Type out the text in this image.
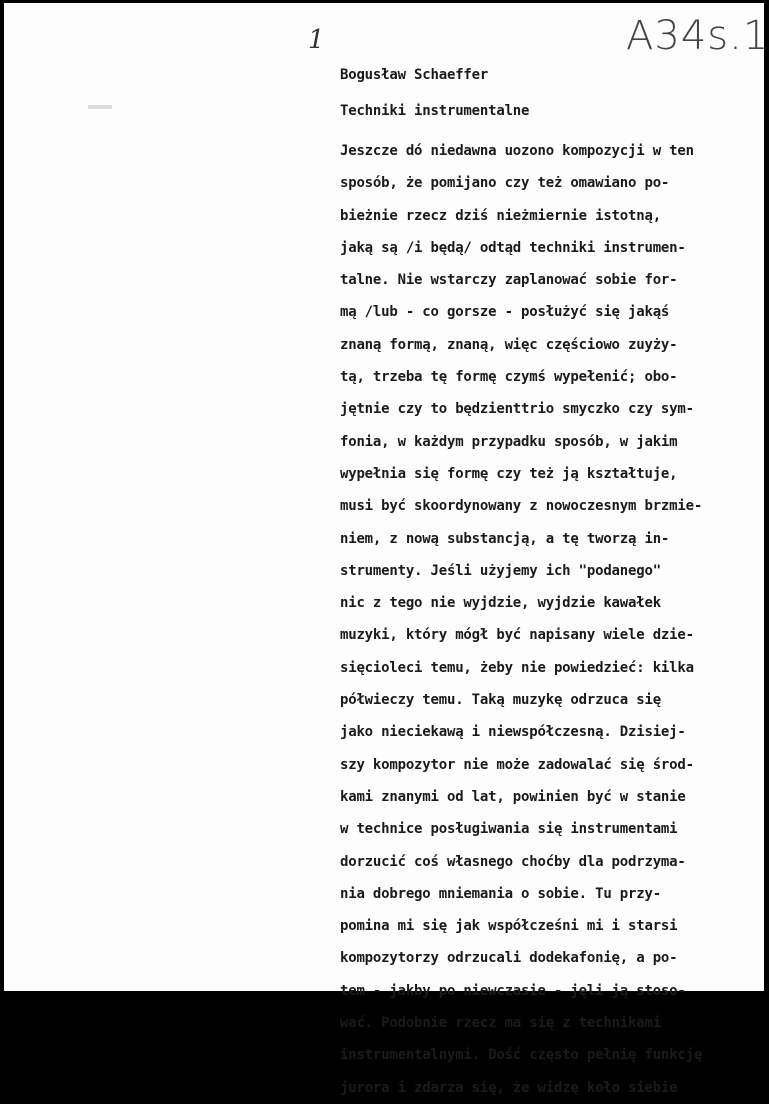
1	A34s.1
Bogusław Schaeffer
Techniki instrumentalne
Jeszcze dó niedawna uozono kompozycji w ten
sposób, że pomijano czy też omawiano po-
bieżnie rzecz dziś nieżmiernie istotną,
jaką są /i będą/ odtąd techniki instrumen-
talne. Nie wstarczy zaplanować sobie for-
mą /lub - co gorsze - posłużyć się jakąś
znaną formą, znaną, więc częściowo zuyży-
tą, trzeba tę formę czymś wypełenić; obo-
jętnie czy to będzienttrio smyczko czy sym-
fonia, w każdym przypadku sposób, w jakim
wypełnia się formę czy też ją kształtuje,
musi być skoordynowany z nowoczesnym brzmie-
niem, z nową substancją, a tę tworzą in-
strumenty. Jeśli użyjemy ich "podanego"
nic z tego nie wyjdzie, wyjdzie kawałek
muzyki, który mógł być napisany wiele dzie-
sięcioleci temu, żeby nie powiedzieć: kilka
półwieczy temu. Taką muzykę odrzuca się
jako nieciekawą i niewspółczesną. Dzisiej-
szy kompozytor nie może zadowalać się środ-
kami znanymi od lat, powinien być w stanie
w technice posługiwania się instrumentami
dorzucić coś własnego choćby dla podrzyma-
nia dobrego mniemania o sobie. Tu przy-
pomina mi się jak współcześni mi i starsi
kompozytorzy odrzucali dodekafonię, a po-
tem - jakby po niewczasie - jęli ją stoso-
wać. Podobnie rzecz ma się z technikami
instrumentalnymi. Dość często pełnię funkcję
jurora i zdarza się, że widzę koło siebie
